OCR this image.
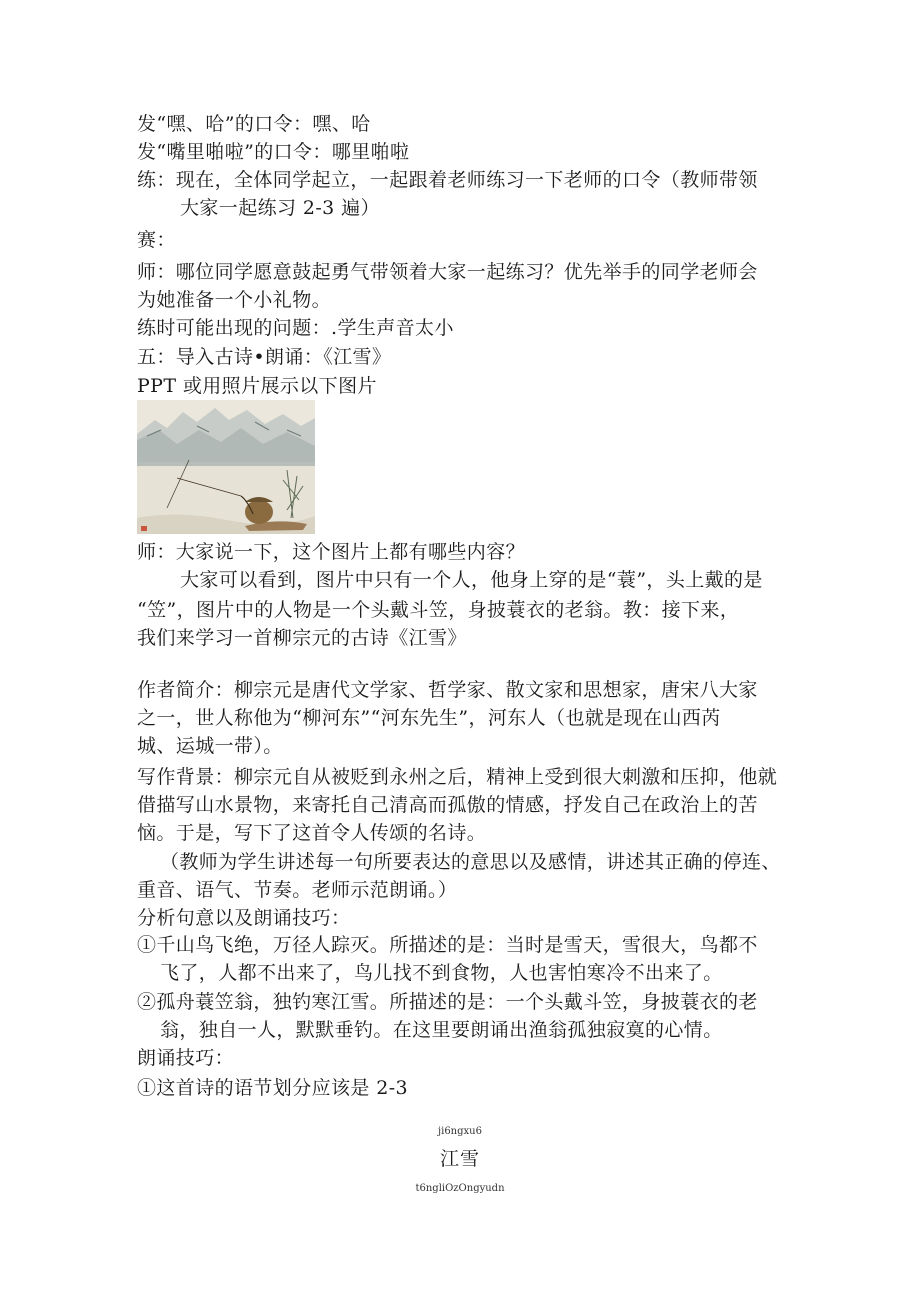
发“嘿、哈”的口令：嘿、哈
发“嘴里啪啦”的口令：哪里啪啦
练：现在，全体同学起立，一起跟着老师练习一下老师的口令（教师带领
大家一起练习 2-3 遍）
赛：
师：哪位同学愿意鼓起勇气带领着大家一起练习？优先举手的同学老师会
为她准备一个小礼物。
练时可能出现的问题：.学生声音太小
五：导入古诗•朗诵：《江雪》
PPT 或用照片展示以下图片
师：大家说一下，这个图片上都有哪些内容？
大家可以看到，图片中只有一个人，他身上穿的是“蓑”，头上戴的是
“笠”，图片中的人物是一个头戴斗笠，身披蓑衣的老翁。教：接下来，
我们来学习一首柳宗元的古诗《江雪》
作者简介：柳宗元是唐代文学家、哲学家、散文家和思想家，唐宋八大家
之一，世人称他为“柳河东”“河东先生”，河东人（也就是现在山西芮
城、运城一带）。
写作背景：柳宗元自从被贬到永州之后，精神上受到很大刺激和压抑，他就
借描写山水景物，来寄托自己清高而孤傲的情感，抒发自己在政治上的苦
恼。于是，写下了这首令人传颂的名诗。
（教师为学生讲述每一句所要表达的意思以及感情，讲述其正确的停连、
重音、语气、节奏。老师示范朗诵。）
分析句意以及朗诵技巧：
①千山鸟飞绝，万径人踪灭。所描述的是：当时是雪天，雪很大，鸟都不
飞了，人都不出来了，鸟儿找不到食物，人也害怕寒冷不出来了。
②孤舟蓑笠翁，独钓寒江雪。所描述的是：一个头戴斗笠，身披蓑衣的老
翁，独自一人，默默垂钓。在这里要朗诵出渔翁孤独寂寞的心情。
朗诵技巧：
①这首诗的语节划分应该是 2-3
ji6ngxu6
江雪
t6ngliOzOngyudn
